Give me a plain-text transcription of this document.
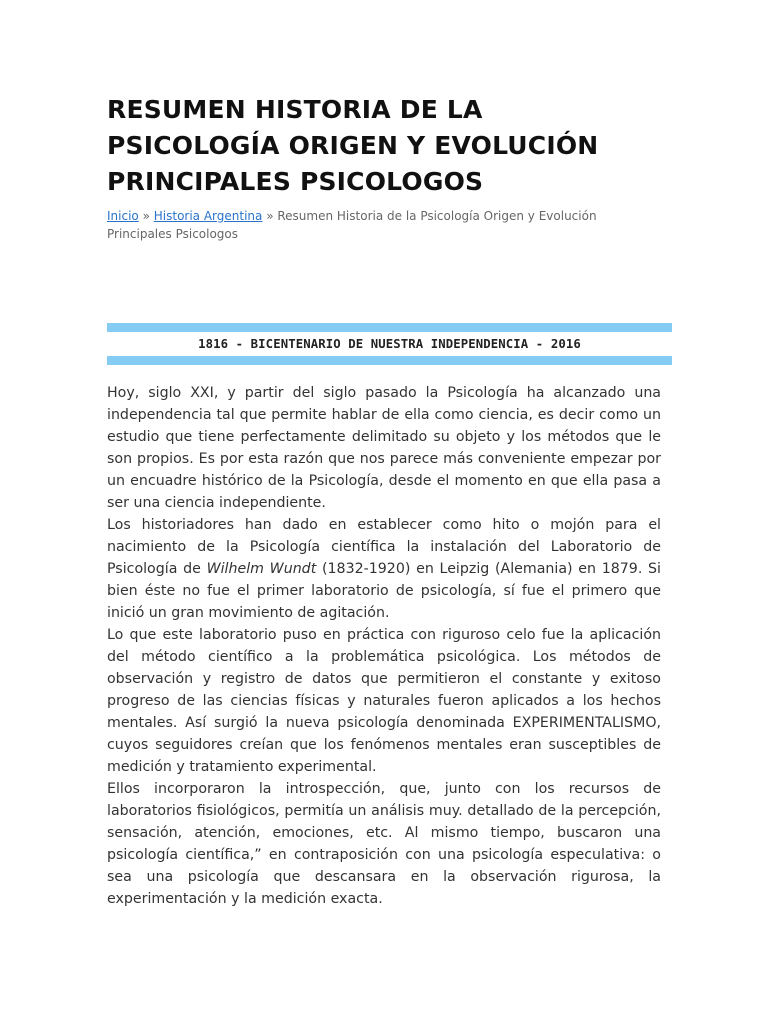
RESUMEN HISTORIA DE LA PSICOLOGÍA ORIGEN Y EVOLUCIÓN PRINCIPALES PSICOLOGOS
Inicio » Historia Argentina » Resumen Historia de la Psicología Origen y Evolución Principales Psicologos
1816 - BICENTENARIO DE NUESTRA INDEPENDENCIA - 2016

Hoy, siglo XXI, y partir del siglo pasado la Psicología ha alcanzado una independencia tal que permite hablar de ella como ciencia, es decir como un estudio que tiene perfectamente delimitado su objeto y los métodos que le son propios. Es por esta razón que nos parece más conveniente empezar por un encuadre histórico de la Psicología, desde el momento en que ella pasa a ser una ciencia independiente.

Los historiadores han dado en establecer como hito o mojón para el nacimiento de la Psicología científica la instalación del Laboratorio de Psicología de Wilhelm Wundt (1832-1920) en Leipzig (Alemania) en 1879. Si bien éste no fue el primer laboratorio de psicología, sí fue el primero que inició un gran movimiento de agitación.

Lo que este laboratorio puso en práctica con riguroso celo fue la aplicación del método científico a la problemática psicológica. Los métodos de observación y registro de datos que permitieron el constante y exitoso progreso de las ciencias físicas y naturales fueron aplicados a los hechos mentales. Así surgió la nueva psicología denominada EXPERIMENTALISMO, cuyos seguidores creían que los fenómenos mentales eran susceptibles de medición y tratamiento experimental.

Ellos incorporaron la introspección, que, junto con los recursos de laboratorios fisiológicos, permitía un análisis muy. detallado de la percepción, sensación, atención, emociones, etc. Al mismo tiempo, buscaron una psicología científica,” en contraposición con una psicología especulativa: o sea una psicología que descansara en la observación rigurosa, la experimentación y la medición exacta.
